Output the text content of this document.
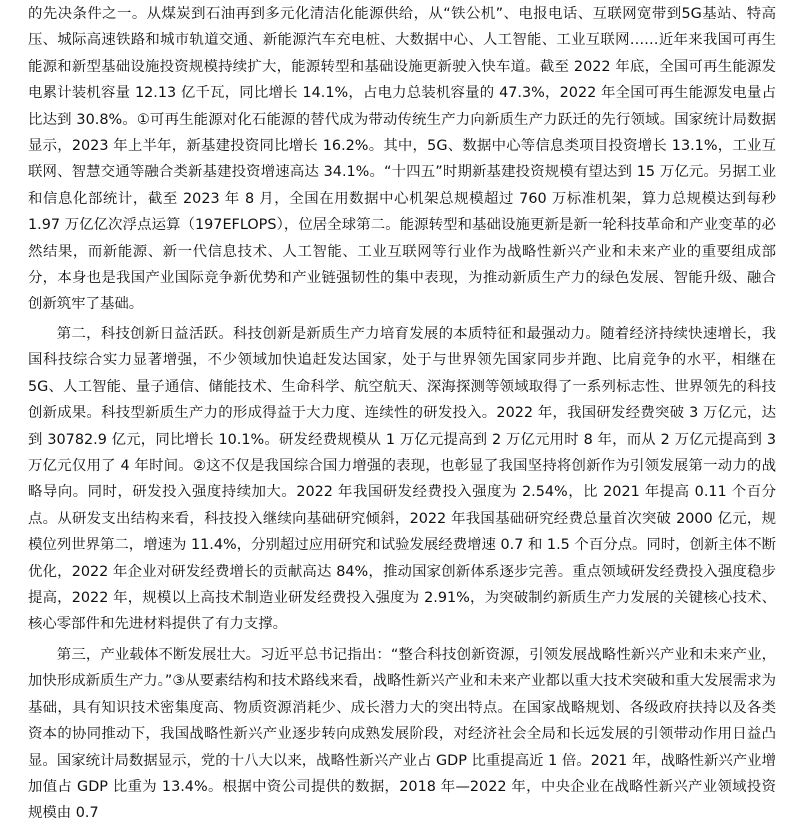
的先决条件之一。从煤炭到石油再到多元化清洁化能源供给，从“铁公机”、电报电话、互联网宽带到5G基站、特高压、城际高速铁路和城市轨道交通、新能源汽车充电桩、大数据中心、人工智能、工业互联网……近年来我国可再生能源和新型基础设施投资规模持续扩大，能源转型和基础设施更新驶入快车道。截至 2022 年底，全国可再生能源发电累计装机容量 12.13 亿千瓦，同比增长 14.1%，占电力总装机容量的 47.3%，2022 年全国可再生能源发电量占比达到 30.8%。①可再生能源对化石能源的替代成为带动传统生产力向新质生产力跃迁的先行领域。国家统计局数据显示，2023 年上半年，新基建投资同比增长 16.2%。其中，5G、数据中心等信息类项目投资增长 13.1%，工业互联网、智慧交通等融合类新基建投资增速高达 34.1%。“十四五”时期新基建投资规模有望达到 15 万亿元。另据工业和信息化部统计，截至 2023 年 8 月，全国在用数据中心机架总规模超过 760 万标准机架，算力总规模达到每秒 1.97 万亿亿次浮点运算（197EFLOPS），位居全球第二。能源转型和基础设施更新是新一轮科技革命和产业变革的必然结果，而新能源、新一代信息技术、人工智能、工业互联网等行业作为战略性新兴产业和未来产业的重要组成部分，本身也是我国产业国际竞争新优势和产业链强韧性的集中表现，为推动新质生产力的绿色发展、智能升级、融合创新筑牢了基础。

第二，科技创新日益活跃。科技创新是新质生产力培育发展的本质特征和最强动力。随着经济持续快速增长，我国科技综合实力显著增强，不少领域加快追赶发达国家，处于与世界领先国家同步并跑、比肩竞争的水平，相继在 5G、人工智能、量子通信、储能技术、生命科学、航空航天、深海探测等领域取得了一系列标志性、世界领先的科技创新成果。科技型新质生产力的形成得益于大力度、连续性的研发投入。2022 年，我国研发经费突破 3 万亿元，达到 30782.9 亿元，同比增长 10.1%。研发经费规模从 1 万亿元提高到 2 万亿元用时 8 年，而从 2 万亿元提高到 3 万亿元仅用了 4 年时间。②这不仅是我国综合国力增强的表现，也彰显了我国坚持将创新作为引领发展第一动力的战略导向。同时，研发投入强度持续加大。2022 年我国研发经费投入强度为 2.54%，比 2021 年提高 0.11 个百分点。从研发支出结构来看，科技投入继续向基础研究倾斜，2022 年我国基础研究经费总量首次突破 2000 亿元，规模位列世界第二，增速为 11.4%，分别超过应用研究和试验发展经费增速 0.7 和 1.5 个百分点。同时，创新主体不断优化，2022 年企业对研发经费增长的贡献高达 84%，推动国家创新体系逐步完善。重点领域研发经费投入强度稳步提高，2022 年，规模以上高技术制造业研发经费投入强度为 2.91%，为突破制约新质生产力发展的关键核心技术、核心零部件和先进材料提供了有力支撑。

第三，产业载体不断发展壮大。习近平总书记指出：“整合科技创新资源，引领发展战略性新兴产业和未来产业，加快形成新质生产力。”③从要素结构和技术路线来看，战略性新兴产业和未来产业都以重大技术突破和重大发展需求为基础，具有知识技术密集度高、物质资源消耗少、成长潜力大的突出特点。在国家战略规划、各级政府扶持以及各类资本的协同推动下，我国战略性新兴产业逐步转向成熟发展阶段，对经济社会全局和长远发展的引领带动作用日益凸显。国家统计局数据显示，党的十八大以来，战略性新兴产业占 GDP 比重提高近 1 倍。2021 年，战略性新兴产业增加值占 GDP 比重为 13.4%。根据中资公司提供的数据，2018 年—2022 年，中央企业在战略性新兴产业领域投资规模由 0.7
